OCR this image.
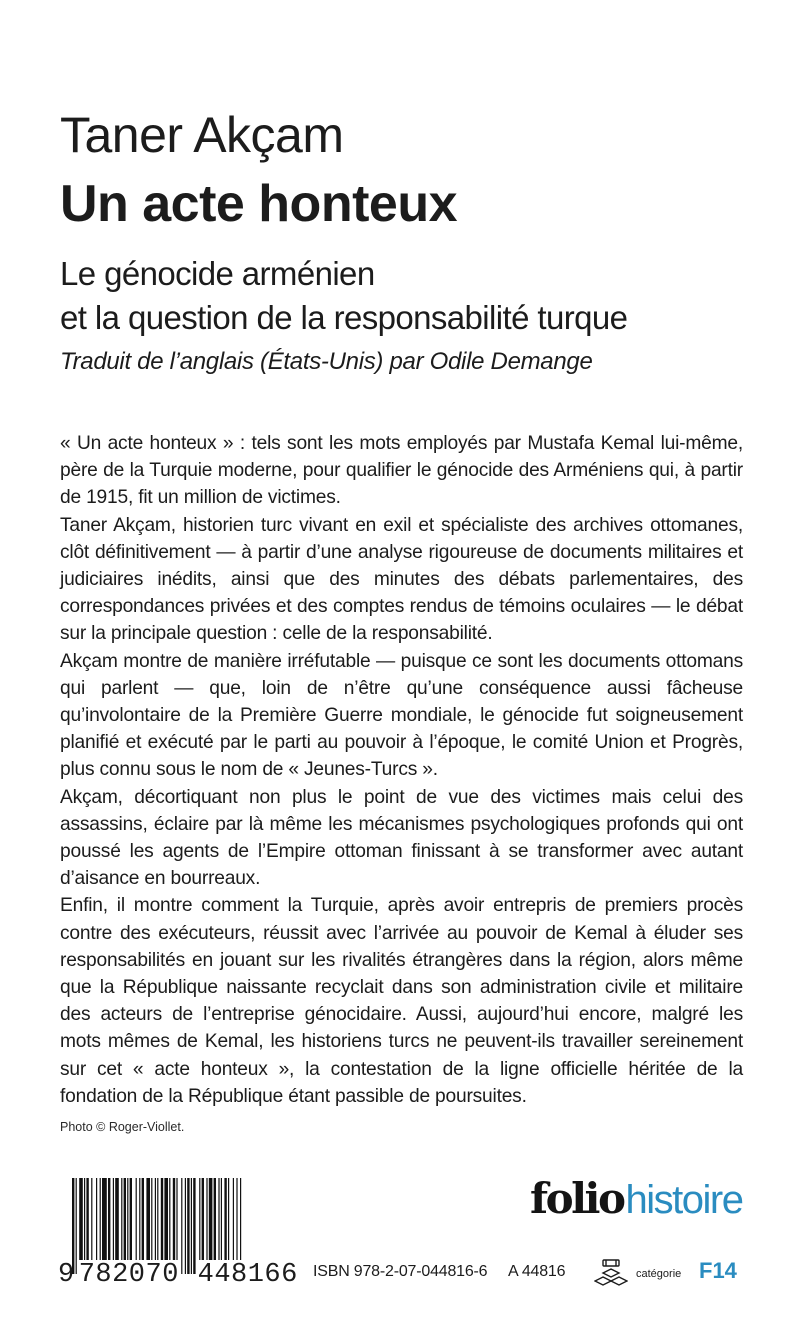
Taner Akçam
Un acte honteux
Le génocide arménien
et la question de la responsabilité turque
Traduit de l’anglais (États-Unis) par Odile Demange

« Un acte honteux » : tels sont les mots employés par Mustafa Kemal lui-même, père de la Turquie moderne, pour qualifier le génocide des Arméniens qui, à partir de 1915, fit un million de victimes.

Taner Akçam, historien turc vivant en exil et spécialiste des archives ottomanes, clôt définitivement — à partir d’une analyse rigoureuse de documents militaires et judiciaires inédits, ainsi que des minutes des débats parlementaires, des correspondances privées et des comptes rendus de témoins oculaires — le débat sur la principale question : celle de la responsabilité.

Akçam montre de manière irréfutable — puisque ce sont les documents ottomans qui parlent — que, loin de n’être qu’une conséquence aussi fâcheuse qu’involontaire de la Première Guerre mondiale, le génocide fut soigneusement planifié et exécuté par le parti au pouvoir à l’époque, le comité Union et Progrès, plus connu sous le nom de « Jeunes-Turcs ».

Akçam, décortiquant non plus le point de vue des victimes mais celui des assassins, éclaire par là même les mécanismes psychologiques profonds qui ont poussé les agents de l’Empire ottoman finissant à se transformer avec autant d’aisance en bourreaux.

Enfin, il montre comment la Turquie, après avoir entrepris de premiers procès contre des exécuteurs, réussit avec l’arrivée au pouvoir de Kemal à éluder ses responsabilités en jouant sur les rivalités étrangères dans la région, alors même que la République naissante recyclait dans son administration civile et militaire des acteurs de l’entreprise génocidaire. Aussi, aujourd’hui encore, malgré les mots mêmes de Kemal, les historiens turcs ne peuvent-ils travailler sereinement sur cet « acte honteux », la contestation de la ligne officielle héritée de la fondation de la République étant passible de poursuites.

Photo © Roger-Viollet.
9 782070 448166
foliohistoire
ISBN 978-2-07-044816-6 A 44816	catégorie F14
